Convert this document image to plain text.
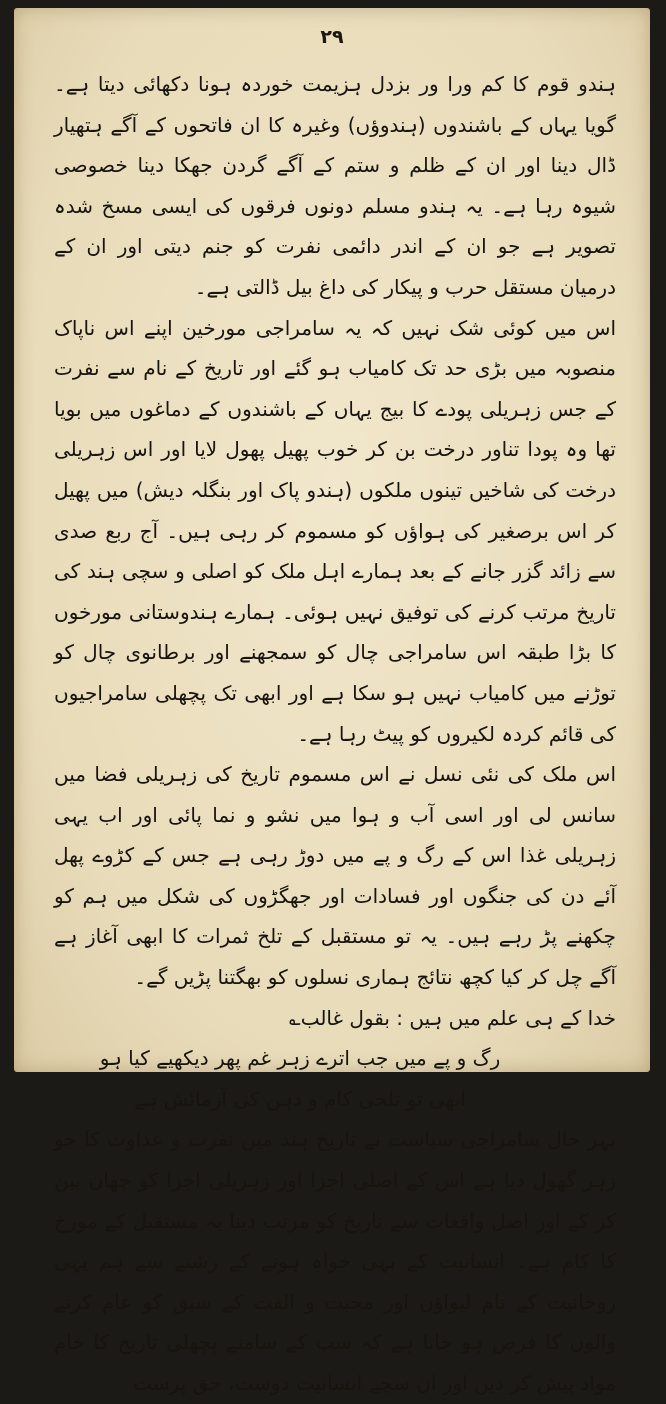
۲۹

ہندو قوم کا کم ورا ور بزدل ہزیمت خوردہ ہونا دکھائی دیتا ہے۔ گویا یہاں کے باشندوں (ہندوؤں) وغیرہ کا ان فاتحوں کے آگے ہتھیار ڈال دینا اور ان کے ظلم و ستم کے آگے گردن جھکا دینا خصوصی شیوہ رہا ہے۔ یہ ہندو مسلم دونوں فرقوں کی ایسی مسخ شدہ تصویر ہے جو ان کے اندر دائمی نفرت کو جنم دیتی اور ان کے درمیان مستقل حرب و پیکار کی داغ بیل ڈالتی ہے۔

اس میں کوئی شک نہیں کہ یہ سامراجی مورخین اپنے اس ناپاک منصوبہ میں بڑی حد تک کامیاب ہو گئے اور تاریخ کے نام سے نفرت کے جس زہریلی پودے کا بیج یہاں کے باشندوں کے دماغوں میں بویا تھا وہ پودا تناور درخت بن کر خوب پھیل پھول لایا اور اس زہریلی درخت کی شاخیں تینوں ملکوں (ہندو پاک اور بنگلہ دیش) میں پھیل کر اس برصغیر کی ہواؤں کو مسموم کر رہی ہیں۔ آج ربع صدی سے زائد گزر جانے کے بعد ہمارے اہل ملک کو اصلی و سچی ہند کی تاریخ مرتب کرنے کی توفیق نہیں ہوئی۔ ہمارے ہندوستانی مورخوں کا بڑا طبقہ اس سامراجی چال کو سمجھنے اور برطانوی چال کو توڑنے میں کامیاب نہیں ہو سکا ہے اور ابھی تک پچھلی سامراجیوں کی قائم کردہ لکیروں کو پیٹ رہا ہے۔

اس ملک کی نئی نسل نے اس مسموم تاریخ کی زہریلی فضا میں سانس لی اور اسی آب و ہوا میں نشو و نما پائی اور اب یہی زہریلی غذا اس کے رگ و پے میں دوڑ رہی ہے جس کے کڑوے پھل آئے دن کی جنگوں اور فسادات اور جھگڑوں کی شکل میں ہم کو چکھنے پڑ رہے ہیں۔ یہ تو مستقبل کے تلخ ثمرات کا ابھی آغاز ہے آگے چل کر کیا کچھ نتائج ہماری نسلوں کو بھگتنا پڑیں گے۔

خدا کے ہی علم میں ہیں : بقول غالب؎

رگ و پے میں جب اترے زہر غم پھر دیکھیے کیا ہو

ابھی تو تلخی کام و دہن کی آزمائش ہے

بہر حال سامراجی سیاست نے تاریخ ہند میں نفرت و عداوت کا جو زہر گھول دیا ہے اس کے اصلی اجزا اور زہریلی اجزا کو چھان بین کر کے اور اصل واقعات سے تاریخ کو مرتب دینا یہ مستقبل کے مورخ کا کام ہے۔ انسانیت کے بہی خواہ ہونے کے رشتے سے ہم یہی روحانیت کے نام لیواؤں اور محبت و الفت کے سبق کو عام کرنے والوں کا فرض ہو جاتا ہے کہ سب کے سامنے پچھلی تاریخ کا خام مواد پیش کر دیں اور ان سچے انسانیت دوست، حق پرست
